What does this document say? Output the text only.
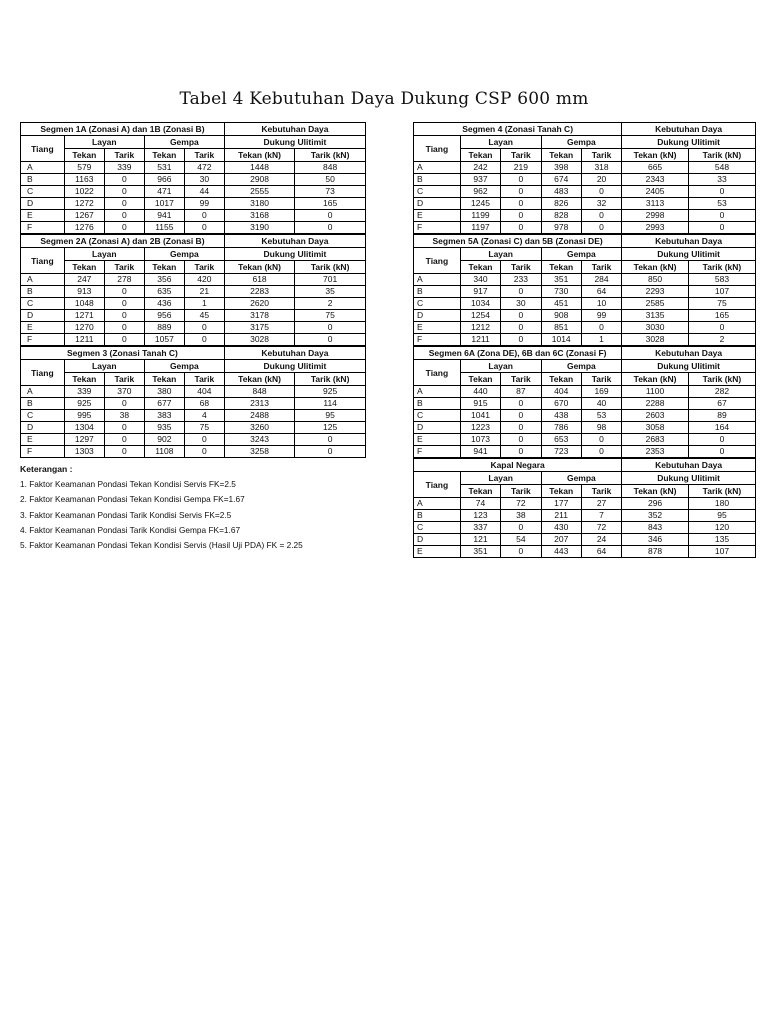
Tabel 4 Kebutuhan Daya Dukung CSP 600 mm
Segmen 1A (Zonasi A) dan 1B (Zonasi B)					Kebutuhan Daya	
Tiang	Layan		Gempa		Dukung Ulitimit	
	Tekan	Tarik	Tekan	Tarik	Tekan (kN)	Tarik (kN)
A	579	339	531	472	1448	848
B	1163	0	966	30	2908	50
C	1022	0	471	44	2555	73
D	1272	0	1017	99	3180	165
E	1267	0	941	0	3168	0
F	1276	0	1155	0	3190	0
Segmen 2A (Zonasi A) dan 2B (Zonasi B)					Kebutuhan Daya	
Tiang	Layan		Gempa		Dukung Ulitimit	
	Tekan	Tarik	Tekan	Tarik	Tekan (kN)	Tarik (kN)
A	247	278	356	420	618	701
B	913	0	635	21	2283	35
C	1048	0	436	1	2620	2
D	1271	0	956	45	3178	75
E	1270	0	889	0	3175	0
F	1211	0	1057	0	3028	0
Segmen 3 (Zonasi Tanah C)					Kebutuhan Daya	
Tiang	Layan		Gempa		Dukung Ulitimit	
	Tekan	Tarik	Tekan	Tarik	Tekan (kN)	Tarik (kN)
A	339	370	380	404	848	925
B	925	0	677	68	2313	114
C	995	38	383	4	2488	95
D	1304	0	935	75	3260	125
E	1297	0	902	0	3243	0
F	1303	0	1108	0	3258	0
Keterangan :
1. Faktor Keamanan Pondasi Tekan Kondisi Servis FK=2.5
2. Faktor Keamanan Pondasi Tekan Kondisi Gempa FK=1.67
3. Faktor Keamanan Pondasi Tarik Kondisi Servis FK=2.5
4. Faktor Keamanan Pondasi Tarik Kondisi Gempa FK=1.67
5. Faktor Keamanan Pondasi Tekan Kondisi Servis (Hasil Uji PDA) FK = 2.25
Segmen 4 (Zonasi Tanah C)					Kebutuhan Daya	
Tiang	Layan		Gempa		Dukung Ulitimit	
	Tekan	Tarik	Tekan	Tarik	Tekan (kN)	Tarik (kN)
A	242	219	398	318	665	548
B	937	0	674	20	2343	33
C	962	0	483	0	2405	0
D	1245	0	826	32	3113	53
E	1199	0	828	0	2998	0
F	1197	0	978	0	2993	0
Segmen 5A (Zonasi C) dan 5B (Zonasi DE)					Kebutuhan Daya	
Tiang	Layan		Gempa		Dukung Ulitimit	
	Tekan	Tarik	Tekan	Tarik	Tekan (kN)	Tarik (kN)
A	340	233	351	284	850	583
B	917	0	730	64	2293	107
C	1034	30	451	10	2585	75
D	1254	0	908	99	3135	165
E	1212	0	851	0	3030	0
F	1211	0	1014	1	3028	2
Segmen 6A (Zona DE), 6B dan 6C (Zonasi F)					Kebutuhan Daya	
Tiang	Layan		Gempa		Dukung Ulitimit	
	Tekan	Tarik	Tekan	Tarik	Tekan (kN)	Tarik (kN)
A	440	87	404	169	1100	282
B	915	0	670	40	2288	67
C	1041	0	438	53	2603	89
D	1223	0	786	98	3058	164
E	1073	0	653	0	2683	0
F	941	0	723	0	2353	0
Kapal Negara					Kebutuhan Daya	
Tiang	Layan		Gempa		Dukung Ulitimit	
	Tekan	Tarik	Tekan	Tarik	Tekan (kN)	Tarik (kN)
A	74	72	177	27	296	180
B	123	38	211	7	352	95
C	337	0	430	72	843	120
D	121	54	207	24	346	135
E	351	0	443	64	878	107
